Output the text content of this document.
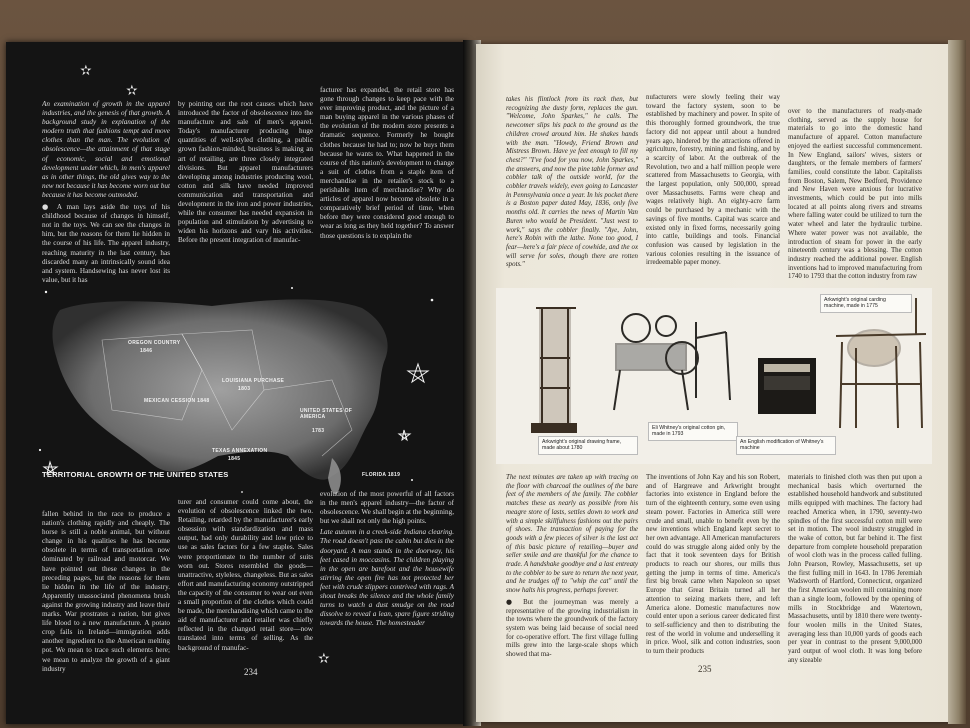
✫
✫

An examination of growth in the apparel industries, and the genesis of that growth. A background study in explanation of the modern truth that fashions tempt and move clothes than the man. The evolution of obsolescence—the attainment of that stage of economic, social and emotional development under which, in men's apparel as in other things, the old gives way to the new not because it has become worn out but because it has become outmoded.

● A man lays aside the toys of his childhood because of changes in himself, not in the toys. We can see the changes in him, but the reasons for them lie hidden in the course of his life. The apparel industry, reaching maturity in the last century, has discarded many an intrinsically sound idea and system. Handsewing has never lost its value, but it has

by pointing out the root causes which have introduced the factor of obsolescence into the manufacture and sale of men's apparel. Today's manufacturer producing huge quantities of well-styled clothing, a public grown fashion-minded, business is making an art of retailing, are three closely integrated divisions. But apparel manufacturers developing among industries producing wool, cotton and silk have needed improved communication and transportation and development in the iron and power industries, while the consumer has needed expansion in population and stimulation by advertising to widen his horizons and vary his activities. Before the present integration of manufac-

facturer has expanded, the retail store has gone through changes to keep pace with the ever improving product, and the picture of a man buying apparel in the various phases of the evolution of the modern store presents a dramatic sequence. Formerly he bought clothes because he had to; now he buys them because he wants to. What happened in the course of this nation's development to change a suit of clothes from a staple item of merchandise in the retailer's stock to a perishable item of merchandise? Why do articles of apparel now become obsolete in a comparatively brief period of time, when before they were considered good enough to wear as long as they held together? To answer those questions is to explain the

OREGON COUNTRY
1846
MEXICAN CESSION 1848
LOUISIANA PURCHASE
1803
UNITED STATES OF AMERICA
1783
TEXAS ANNEXATION
1845
FLORIDA 1819
TERRITORIAL GROWTH OF THE UNITED STATES

fallen behind in the race to produce a nation's clothing rapidly and cheaply. The horse is still a noble animal, but without change in his qualities he has become obsolete in terms of transportation now dominated by railroad and motorcar. We have pointed out these changes in the preceding pages, but the reasons for them lie hidden in the life of the industry. Apparently unassociated phenomena brush against the growing industry and leave their marks. War prostrates a nation, but gives life blood to a new manufacture. A potato crop fails in Ireland—immigration adds another ingredient to the American melting pot. We mean to trace such elements here; we mean to analyze the growth of a giant industry

turer and consumer could come about, the evolution of obsolescence linked the two. Retailing, retarded by the manufacturer's early obsession with standardization and mass output, had only durability and low price to use as sales factors for a few staples. Sales were proportionate to the number of suits worn out. Stores resembled the goods—unattractive, styleless, changeless. But as sales effort and manufacturing economy outstripped the capacity of the consumer to wear out even a small proportion of the clothes which could be made, the merchandising which came to the aid of manufacturer and retailer was chiefly reflected in the changed retail store—now translated into terms of selling. As the background of manufac-

evolution of the most powerful of all factors in the men's apparel industry—the factor of obsolescence. We shall begin at the beginning, but we shall not only the high points.

Late autumn in a creek-side Indiana clearing. The road doesn't pass the cabin but dies in the dooryard. A man stands in the doorway, his feet cased in moccasins. The children playing in the open are barefoot and the housewife stirring the open fire has not protected her feet with crude slippers contrived with rags. A shout breaks the silence and the whole family turns to watch a dust smudge on the road dissolve to reveal a lean, spare figure striding towards the house. The homesteader

234
✫

takes his flintlock from its rack then, but recognizing the dusty form, replaces the gun. "Welcome, John Sparkes," he calls. The newcomer slips his pack to the ground as the children crowd around him. He shakes hands with the man. "Howdy, Friend Brown and Mistress Brown. Have ye feet enough to fill my chest?" "I've food for you now, John Sparkes," the answers, and now the pine table former and cobbler talk of the outside world, for the cobbler travels widely, even going to Lancaster in Pennsylvania once a year. In his pocket there is a Boston paper dated May, 1836, only five months old. It carries the news of Martin Van Buren who would be President. "Just west to work," says the cobbler finally. "Aye, John, here's Robin with the lathe. None too good, I fear—here's a fair piece of cowhide, and the ox will serve for soles, though there are rotten spots."

nufacturers were slowly feeling their way toward the factory system, soon to be established by machinery and power. In spite of this thoroughly formed groundwork, the true factory did not appear until about a hundred years ago, hindered by the attractions offered in agriculture, forestry, mining and fishing, and by a scarcity of labor. At the outbreak of the Revolution, two and a half million people were scattered from Massachusetts to Georgia, with the largest population, only 500,000, spread over Massachusetts. Farms were cheap and wages relatively high. An eighty-acre farm could be purchased by a mechanic with the savings of five months. Capital was scarce and existed only in fixed forms, necessarily going into cattle, buildings and tools. Financial confusion was caused by legislation in the various colonies resulting in the issuance of irredeemable paper money.

over to the manufacturers of ready-made clothing, served as the supply house for materials to go into the domestic hand manufacture of apparel. Cotton manufacture enjoyed the earliest successful commencement. In New England, sailors' wives, sisters or daughters, or the female members of farmers' families, could constitute the labor. Capitalists from Boston, Salem, New Bedford, Providence and New Haven were anxious for lucrative investments, which could be put into mills located at all points along rivers and streams where falling water could be utilized to turn the water wheel and later the hydraulic turbine. Where water power was not available, the introduction of steam for power in the early nineteenth century was a blessing. The cotton industry reached the additional power. English inventions had to improved manufacturing from 1740 to 1793 that the cotton industry from raw

Arkwright's original carding machine, made in 1775
Arkwright's original drawing frame, made about 1780
Eli Whitney's original cotton gin, made in 1793
An English modification of Whitney's machine

The next minutes are taken up with tracing on the floor with charcoal the outlines of the bare feet of the members of the family. The cobbler matches these as nearly as possible from his meagre store of lasts, settles down to work and with a simple skillfulness fashions out the pairs of shoes. The transaction of paying for the goods with a few pieces of silver is the last act of this basic picture of retailing—buyer and seller smile and are thankful for the chance to trade. A handshake goodbye and a last entreaty to the cobbler to be sure to return the next year, and he trudges off to "whip the cat" until the snow halts his progress, perhaps forever.

● But the journeyman was merely a representative of the growing industrialism in the towns where the groundwork of the factory system was being laid because of social need for co-operative effort. The first village fulling mills grew into the large-scale shops which showed that ma-

The inventions of John Kay and his son Robert, and of Hargreave and Arkwright brought factories into existence in England before the turn of the eighteenth century, some even using steam power. Factories in America still were crude and small, unable to benefit even by the new inventions which England kept secret to her own advantage. All American manufacturers could do was struggle along aided only by the fact that it took seventeen days for British products to reach our shores, our mills thus getting the jump in terms of time. America's first big break came when Napoleon so upset Europe that Great Britain turned all her attention to seizing markets there, and left America alone. Domestic manufactures now could enter upon a serious career dedicated first to self-sufficiency and then to distributing the rest of the world in volume and underselling it in price. Wool, silk and cotton industries, soon to turn their products

materials to finished cloth was then put upon a mechanical basis which overturned the established household handwork and substituted mills equipped with machines. The factory had reached America when, in 1790, seventy-two spindles of the first successful cotton mill were set in motion. The wool industry struggled in the wake of cotton, but far behind it. The first departure from complete household preparation of wool cloth was in the process called fulling. John Pearson, Rowley, Massachusetts, set up the first fulling mill in 1643. In 1786 Jeremiah Wadsworth of Hartford, Connecticut, organized the first American woolen mill containing more than a single loom, followed by the opening of mills in Stockbridge and Watertown, Massachusetts, until by 1810 there were twenty-four woolen mills in the United States, averaging less than 10,000 yards of goods each per year in contrast to the present 9,000,000 yard output of wool cloth. It was long before any sizeable

235
